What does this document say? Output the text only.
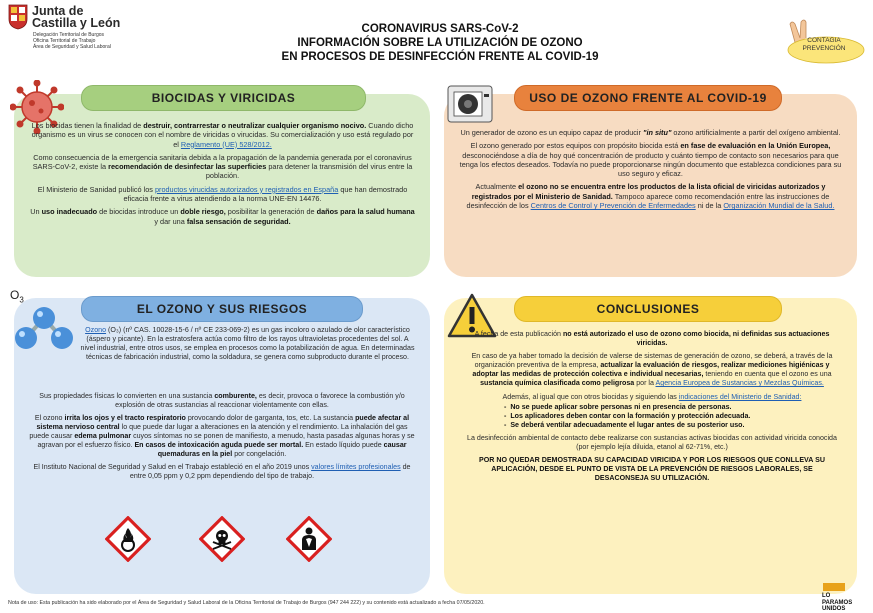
Junta de
Castilla y León
Delegación Territorial de Burgos
Oficina Territorial de Trabajo
Área de Seguridad y Salud Laboral
CORONAVIRUS SARS-CoV-2
INFORMACIÓN SOBRE LA UTILIZACIÓN DE OZONO
EN PROCESOS DE DESINFECCIÓN FRENTE AL COVID-19
CONTAGIA PREVENCIÓN
$O_3$
BIOCIDAS Y VIRICIDAS	USO DE OZONO FRENTE AL COVID-19
EL OZONO Y SUS RIESGOS	CONCLUSIONES

Los biocidas tienen la finalidad de destruir, contrarrestar o neutralizar cualquier organismo nocivo. Cuando dicho organismo es un virus se conocen con el nombre de viricidas o virucidas. Su comercialización y uso está regulado por el Reglamento (UE) 528/2012.

Como consecuencia de la emergencia sanitaria debida a la propagación de la pandemia generada por el coronavirus SARS-CoV-2, existe la recomendación de desinfectar las superficies para detener la transmisión del virus entre la población.

El Ministerio de Sanidad publicó los productos virucidas autorizados y registrados en España que han demostrado eficacia frente a virus atendiendo a la norma UNE-EN 14476.

Un uso inadecuado de biocidas introduce un doble riesgo, posibilitar la generación de daños para la salud humana y dar una falsa sensación de seguridad.

Un generador de ozono es un equipo capaz de producir "in situ" ozono artificialmente a partir del oxígeno ambiental.

El ozono generado por estos equipos con propósito biocida está en fase de evaluación en la Unión Europea, desconociéndose a día de hoy qué concentración de producto y cuánto tiempo de contacto son necesarios para que tenga los efectos deseados. Todavía no puede proporcionarse ningún documento que establezca condiciones para su uso seguro y eficaz.

Actualmente el ozono no se encuentra entre los productos de la lista oficial de viricidas autorizados y registrados por el Ministerio de Sanidad. Tampoco aparece como recomendación entre las instrucciones de desinfección de los Centros de Control y Prevención de Enfermedades ni de la Organización Mundial de la Salud.

Ozono (O₃) (nº CAS. 10028-15-6 / nº CE 233-069-2) es un gas incoloro o azulado de olor característico (áspero y picante). En la estratosfera actúa como filtro de los rayos ultravioletas procedentes del sol. A nivel industrial, entre otros usos, se emplea en procesos como la potabilización de agua. En determinadas técnicas de fabricación industrial, como la soldadura, se genera como subproducto durante el proceso.

Sus propiedades físicas lo convierten en una sustancia comburente, es decir, provoca o favorece la combustión y/o explosión de otras sustancias al reaccionar violentamente con ellas.

El ozono irrita los ojos y el tracto respiratorio provocando dolor de garganta, tos, etc. La sustancia puede afectar al sistema nervioso central lo que puede dar lugar a alteraciones en la atención y el rendimiento. La inhalación del gas puede causar edema pulmonar cuyos síntomas no se ponen de manifiesto, a menudo, hasta pasadas algunas horas y se agravan por el esfuerzo físico. En casos de intoxicación aguda puede ser mortal. En estado líquido puede causar quemaduras en la piel por congelación.

El Instituto Nacional de Seguridad y Salud en el Trabajo estableció en el año 2019 unos valores límites profesionales de entre 0,05 ppm y 0,2 ppm dependiendo del tipo de trabajo.

A fecha de esta publicación no está autorizado el uso de ozono como biocida, ni definidas sus actuaciones viricidas.

En caso de ya haber tomado la decisión de valerse de sistemas de generación de ozono, se deberá, a través de la organización preventiva de la empresa, actualizar la evaluación de riesgos, realizar mediciones higiénicas y adoptar las medidas de protección colectiva e individual necesarias, teniendo en cuenta que el ozono es una sustancia química clasificada como peligrosa por la Agencia Europea de Sustancias y Mezclas Químicas.

Además, al igual que con otros biocidas y siguiendo las indicaciones del Ministerio de Sanidad:

-  No se puede aplicar sobre personas ni en presencia de personas.
-  Los aplicadores deben contar con la formación y protección adecuada.
-  Se deberá ventilar adecuadamente el lugar antes de su posterior uso.

La desinfección ambiental de contacto debe realizarse con sustancias activas biocidas con actividad viricida conocida (por ejemplo lejía diluida, etanol al 62-71%, etc.)

POR NO QUEDAR DEMOSTRADA SU CAPACIDAD VIRICIDA Y POR LOS RIESGOS QUE CONLLEVA SU APLICACIÓN, DESDE EL PUNTO DE VISTA DE LA PREVENCIÓN DE RIESGOS LABORALES, SE DESACONSEJA SU UTILIZACIÓN.

Nota de uso: Esta publicación ha sido elaborado por el Área de Seguridad y Salud Laboral de la Oficina Territorial de Trabajo de Burgos (947 244 222) y su contenido está actualizado a fecha 07/05/2020.
LO
PARAMOS
UNIDOS
